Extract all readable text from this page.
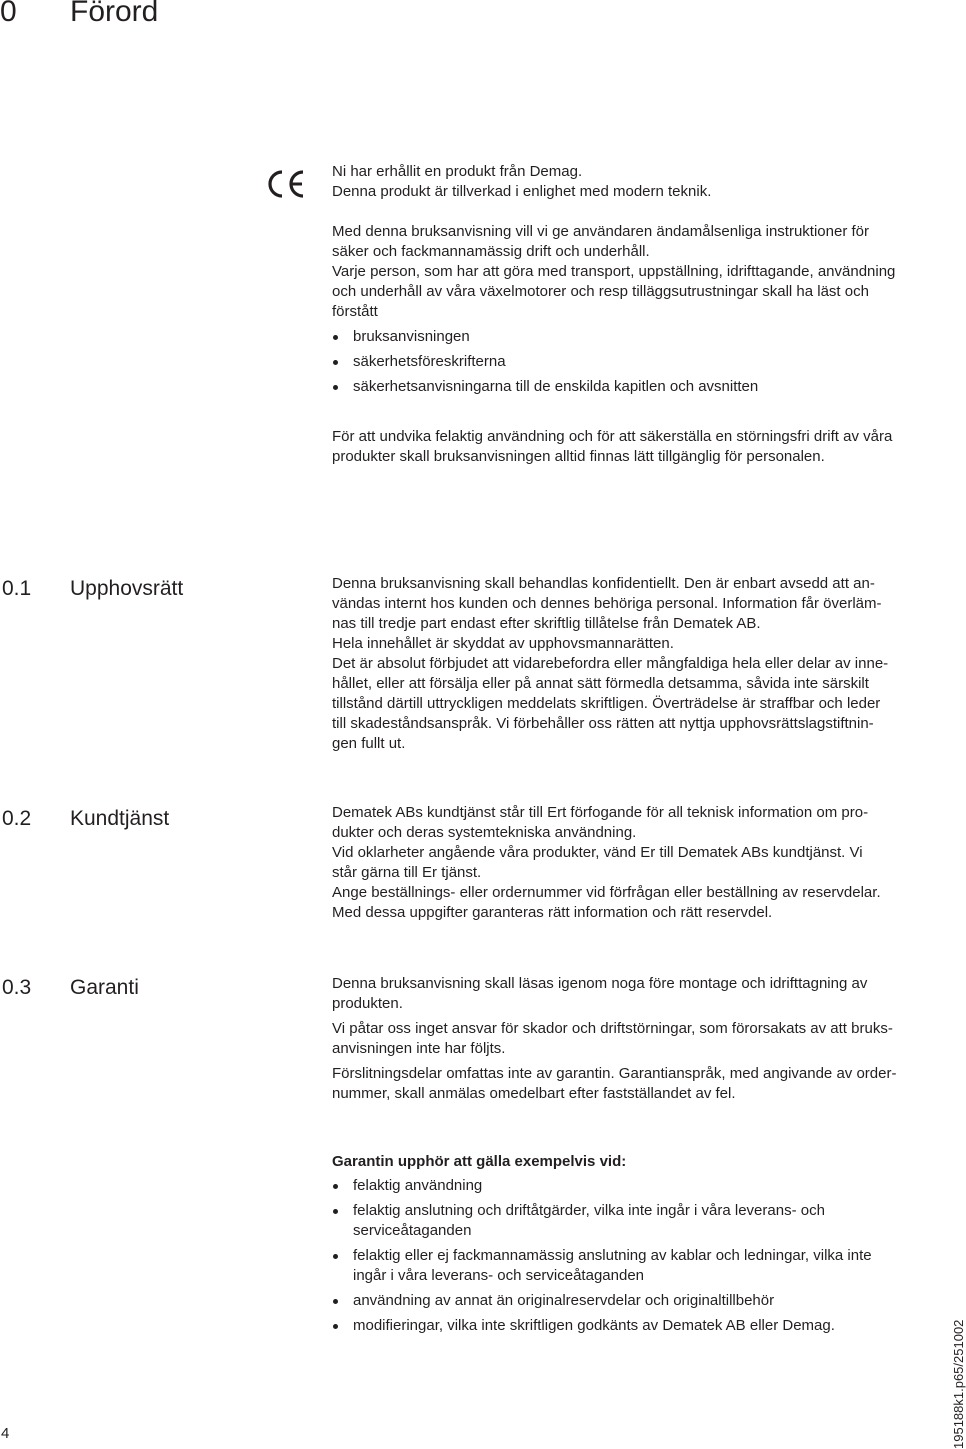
0 Förord

Ni har erhållit en produkt från Demag.
Denna produkt är tillverkad i enlighet med modern teknik.

Med denna bruksanvisning vill vi ge användaren ändamålsenliga instruktioner för
säker och fackmannamässig drift och underhåll.

Varje person, som har att göra med transport, uppställning, idrifttagande, användning
och underhåll av våra växelmotorer och resp tilläggsutrustningar skall ha läst och
förstått

bruksanvisningen
säkerhetsföreskrifterna
säkerhetsanvisningarna till de enskilda kapitlen och avsnitten

För att undvika felaktig användning och för att säkerställa en störningsfri drift av våra
produkter skall bruksanvisningen alltid finnas lätt tillgänglig för personalen.

0.1 Upphovsrätt	Denna bruksanvisning skall behandlas konfidentiellt. Den är enbart avsedd att an-
vändas internt hos kunden och dennes behöriga personal. Information får överläm-
nas till tredje part endast efter skriftlig tillåtelse från Dematek AB.
Hela innehållet är skyddat av upphovsmannarätten.
Det är absolut förbjudet att vidarebefordra eller mångfaldiga hela eller delar av inne-
hållet, eller att försälja eller på annat sätt förmedla detsamma, såvida inte särskilt
tillstånd därtill uttryckligen meddelats skriftligen. Överträdelse är straffbar och leder
till skadeståndsanspråk. Vi förbehåller oss rätten att nyttja upphovsrättslagstiftnin-
gen fullt ut.

0.2 Kundtjänst	Dematek ABs kundtjänst står till Ert förfogande för all teknisk information om pro-
dukter och deras systemtekniska användning.
Vid oklarheter angående våra produkter, vänd Er till Dematek ABs kundtjänst. Vi
står gärna till Er tjänst.
Ange beställnings- eller ordernummer vid förfrågan eller beställning av reservdelar.
Med dessa uppgifter garanteras rätt information och rätt reservdel.

0.3 Garanti	Denna bruksanvisning skall läsas igenom noga före montage och idrifttagning av
produkten.

Vi påtar oss inget ansvar för skador och driftstörningar, som förorsakats av att bruks-
anvisningen inte har följts.

Förslitningsdelar omfattas inte av garantin. Garantianspråk, med angivande av order-
nummer, skall anmälas omedelbart efter fastställandet av fel.

Garantin upphör att gälla exempelvis vid:

felaktig användning
felaktig anslutning och driftåtgärder, vilka inte ingår i våra leverans- och
serviceåtaganden
felaktig eller ej fackmannamässig anslutning av kablar och ledningar, vilka inte
ingår i våra leverans- och serviceåtaganden
användning av annat än originalreservdelar och originaltillbehör
modifieringar, vilka inte skriftligen godkänts av Dematek AB eller Demag.
4	195188k1.p65/251002
